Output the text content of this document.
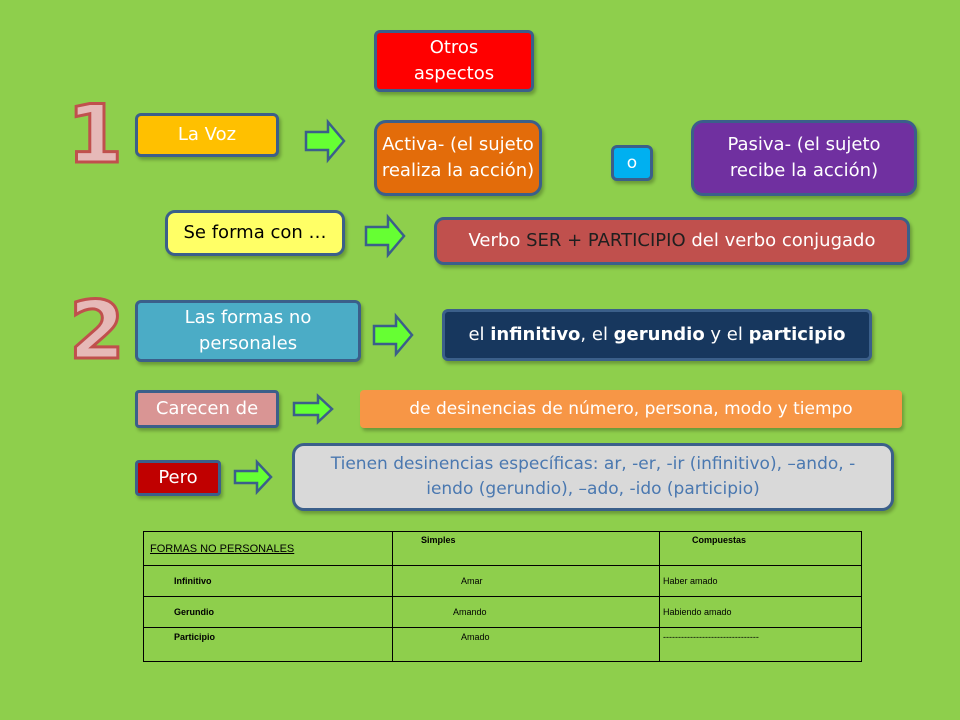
1
2
Otros aspectos
La Voz	Activa- (el sujeto realiza la acción)	o
Pasiva- (el sujeto recibe la acción)
Se forma con …	Verbo SER + PARTICIPIO del verbo conjugado
Las formas no personales	el infinitivo, el gerundio y el participio
Carecen de	de desinencias de número, persona, modo y tiempo
Pero
Tienen desinencias específicas: ar, -er, -ir (infinitivo), –ando, -iendo (gerundio), –ado, -ido (participio)
FORMAS NO PERSONALES	Simples	Compuestas
Infinitivo	Amar	Haber amado
Gerundio	Amando	Habiendo amado
Participio	Amado	--------------------------------
